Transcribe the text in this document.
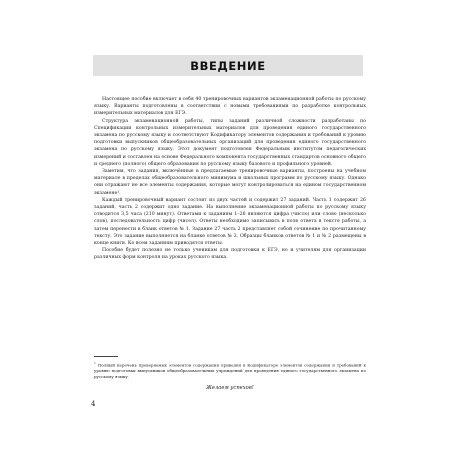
ВВЕДЕНИЕ

Настоящее пособие включает в себя 40 тренировочных вариантов экзаменационной работы по русскому языку. Варианты подготовлены в соответствии с новыми требованиями по разработке контрольных измерительных материалов для ЕГЭ.

Структура экзаменационной работы, типы заданий различной сложности разработаны по Спецификации контрольных измерительных материалов для проведения единого государственного экзамена по русскому языку и соответствуют Кодификатору элементов содержания и требований к уровню подготовки выпускников общеобразовательных организаций для проведения единого государственного экзамена по русскому языку. Этот документ подготовлен Федеральным институтом педагогических измерений и составлен на основе Федерального компонента государственных стандартов основного общего и среднего (полного) общего образования по русскому языку базового и профильного уровней.

Заметим, что задания, включённые в предлагаемые тренировочные варианты, построены на учебном материале в пределах общеобразовательного минимума и школьных программ по русскому языку. Однако они отражают не все элементы содержания, которые могут контролироваться на едином государственном экзамене¹.

Каждый тренировочный вариант состоит из двух частей и содержит 27 заданий. Часть 1 содержит 26 заданий, часть 2 содержит одно задание. На выполнение экзаменационной работы по русскому языку отводится 3,5 часа (210 минут). Ответами к заданиям 1–26 являются цифра (число) или слово (несколько слов), последовательность цифр (чисел). Ответы необходимо записывать в поле ответа в тексте работы, а затем перенести в бланк ответов № 1. Задание 27 часть 2 представляет собой сочинение по прочитанному тексту. Это задание выполняется на бланке ответов № 2. Образцы бланков ответов № 1 и № 2 размещены в конце книги. Ко всем заданиям приводятся ответы.

Пособие будет полезно не только ученикам для подготовки к ЕГЭ, но и учителям для организации различных форм контроля на уроках русского языка.

$^1$ Полный перечень проверяемых элементов содержания приведён в Кодификаторе элементов содержания и требований к уровню подготовки выпускников общеобразовательных учреждений для проведения единого государственного экзамена по русскому языку.
Желаем успехов!
4
